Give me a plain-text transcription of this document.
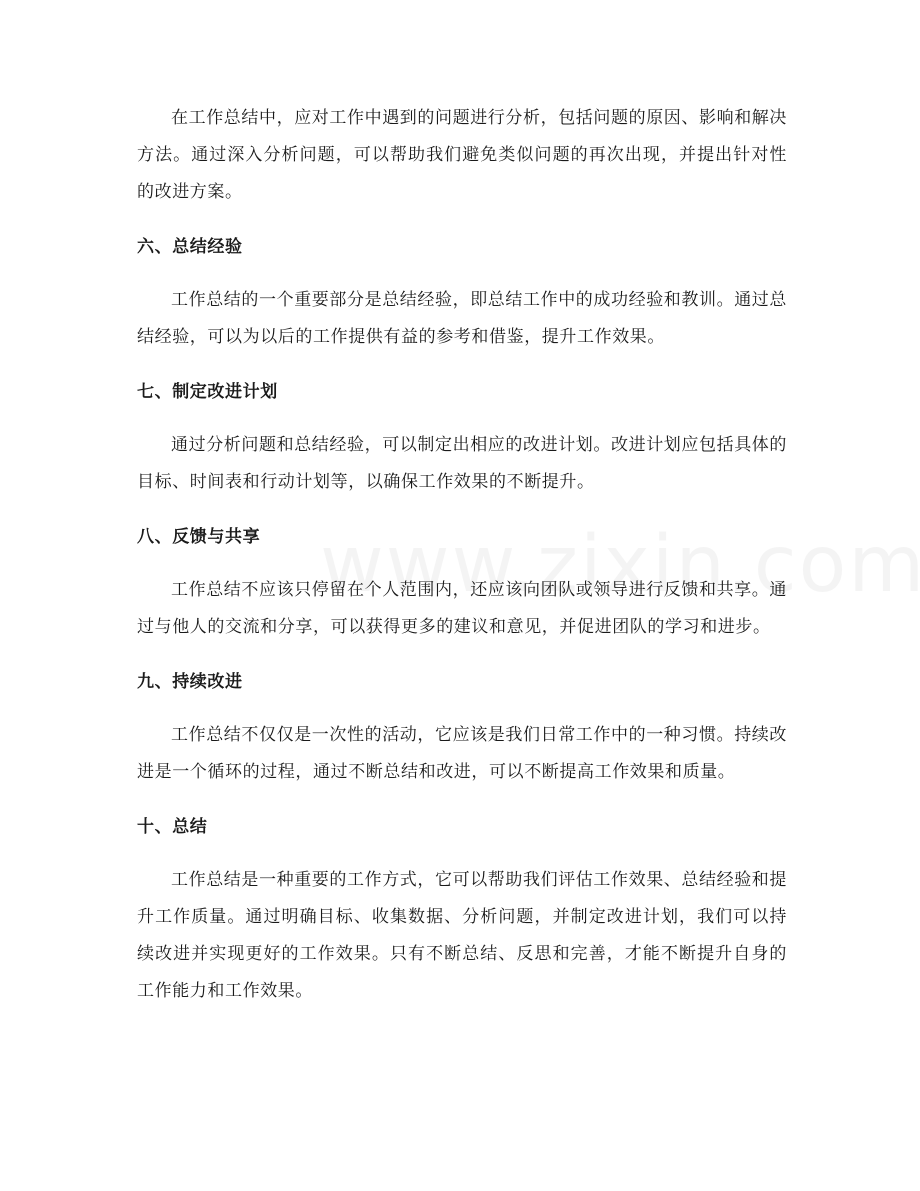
在工作总结中，应对工作中遇到的问题进行分析，包括问题的原因、影响和解决方法。通过深入分析问题，可以帮助我们避免类似问题的再次出现，并提出针对性的改进方案。

六、总结经验

工作总结的一个重要部分是总结经验，即总结工作中的成功经验和教训。通过总结经验，可以为以后的工作提供有益的参考和借鉴，提升工作效果。

七、制定改进计划

通过分析问题和总结经验，可以制定出相应的改进计划。改进计划应包括具体的目标、时间表和行动计划等，以确保工作效果的不断提升。

八、反馈与共享

工作总结不应该只停留在个人范围内，还应该向团队或领导进行反馈和共享。通过与他人的交流和分享，可以获得更多的建议和意见，并促进团队的学习和进步。

九、持续改进

工作总结不仅仅是一次性的活动，它应该是我们日常工作中的一种习惯。持续改进是一个循环的过程，通过不断总结和改进，可以不断提高工作效果和质量。

十、总结

工作总结是一种重要的工作方式，它可以帮助我们评估工作效果、总结经验和提升工作质量。通过明确目标、收集数据、分析问题，并制定改进计划，我们可以持续改进并实现更好的工作效果。只有不断总结、反思和完善，才能不断提升自身的工作能力和工作效果。
